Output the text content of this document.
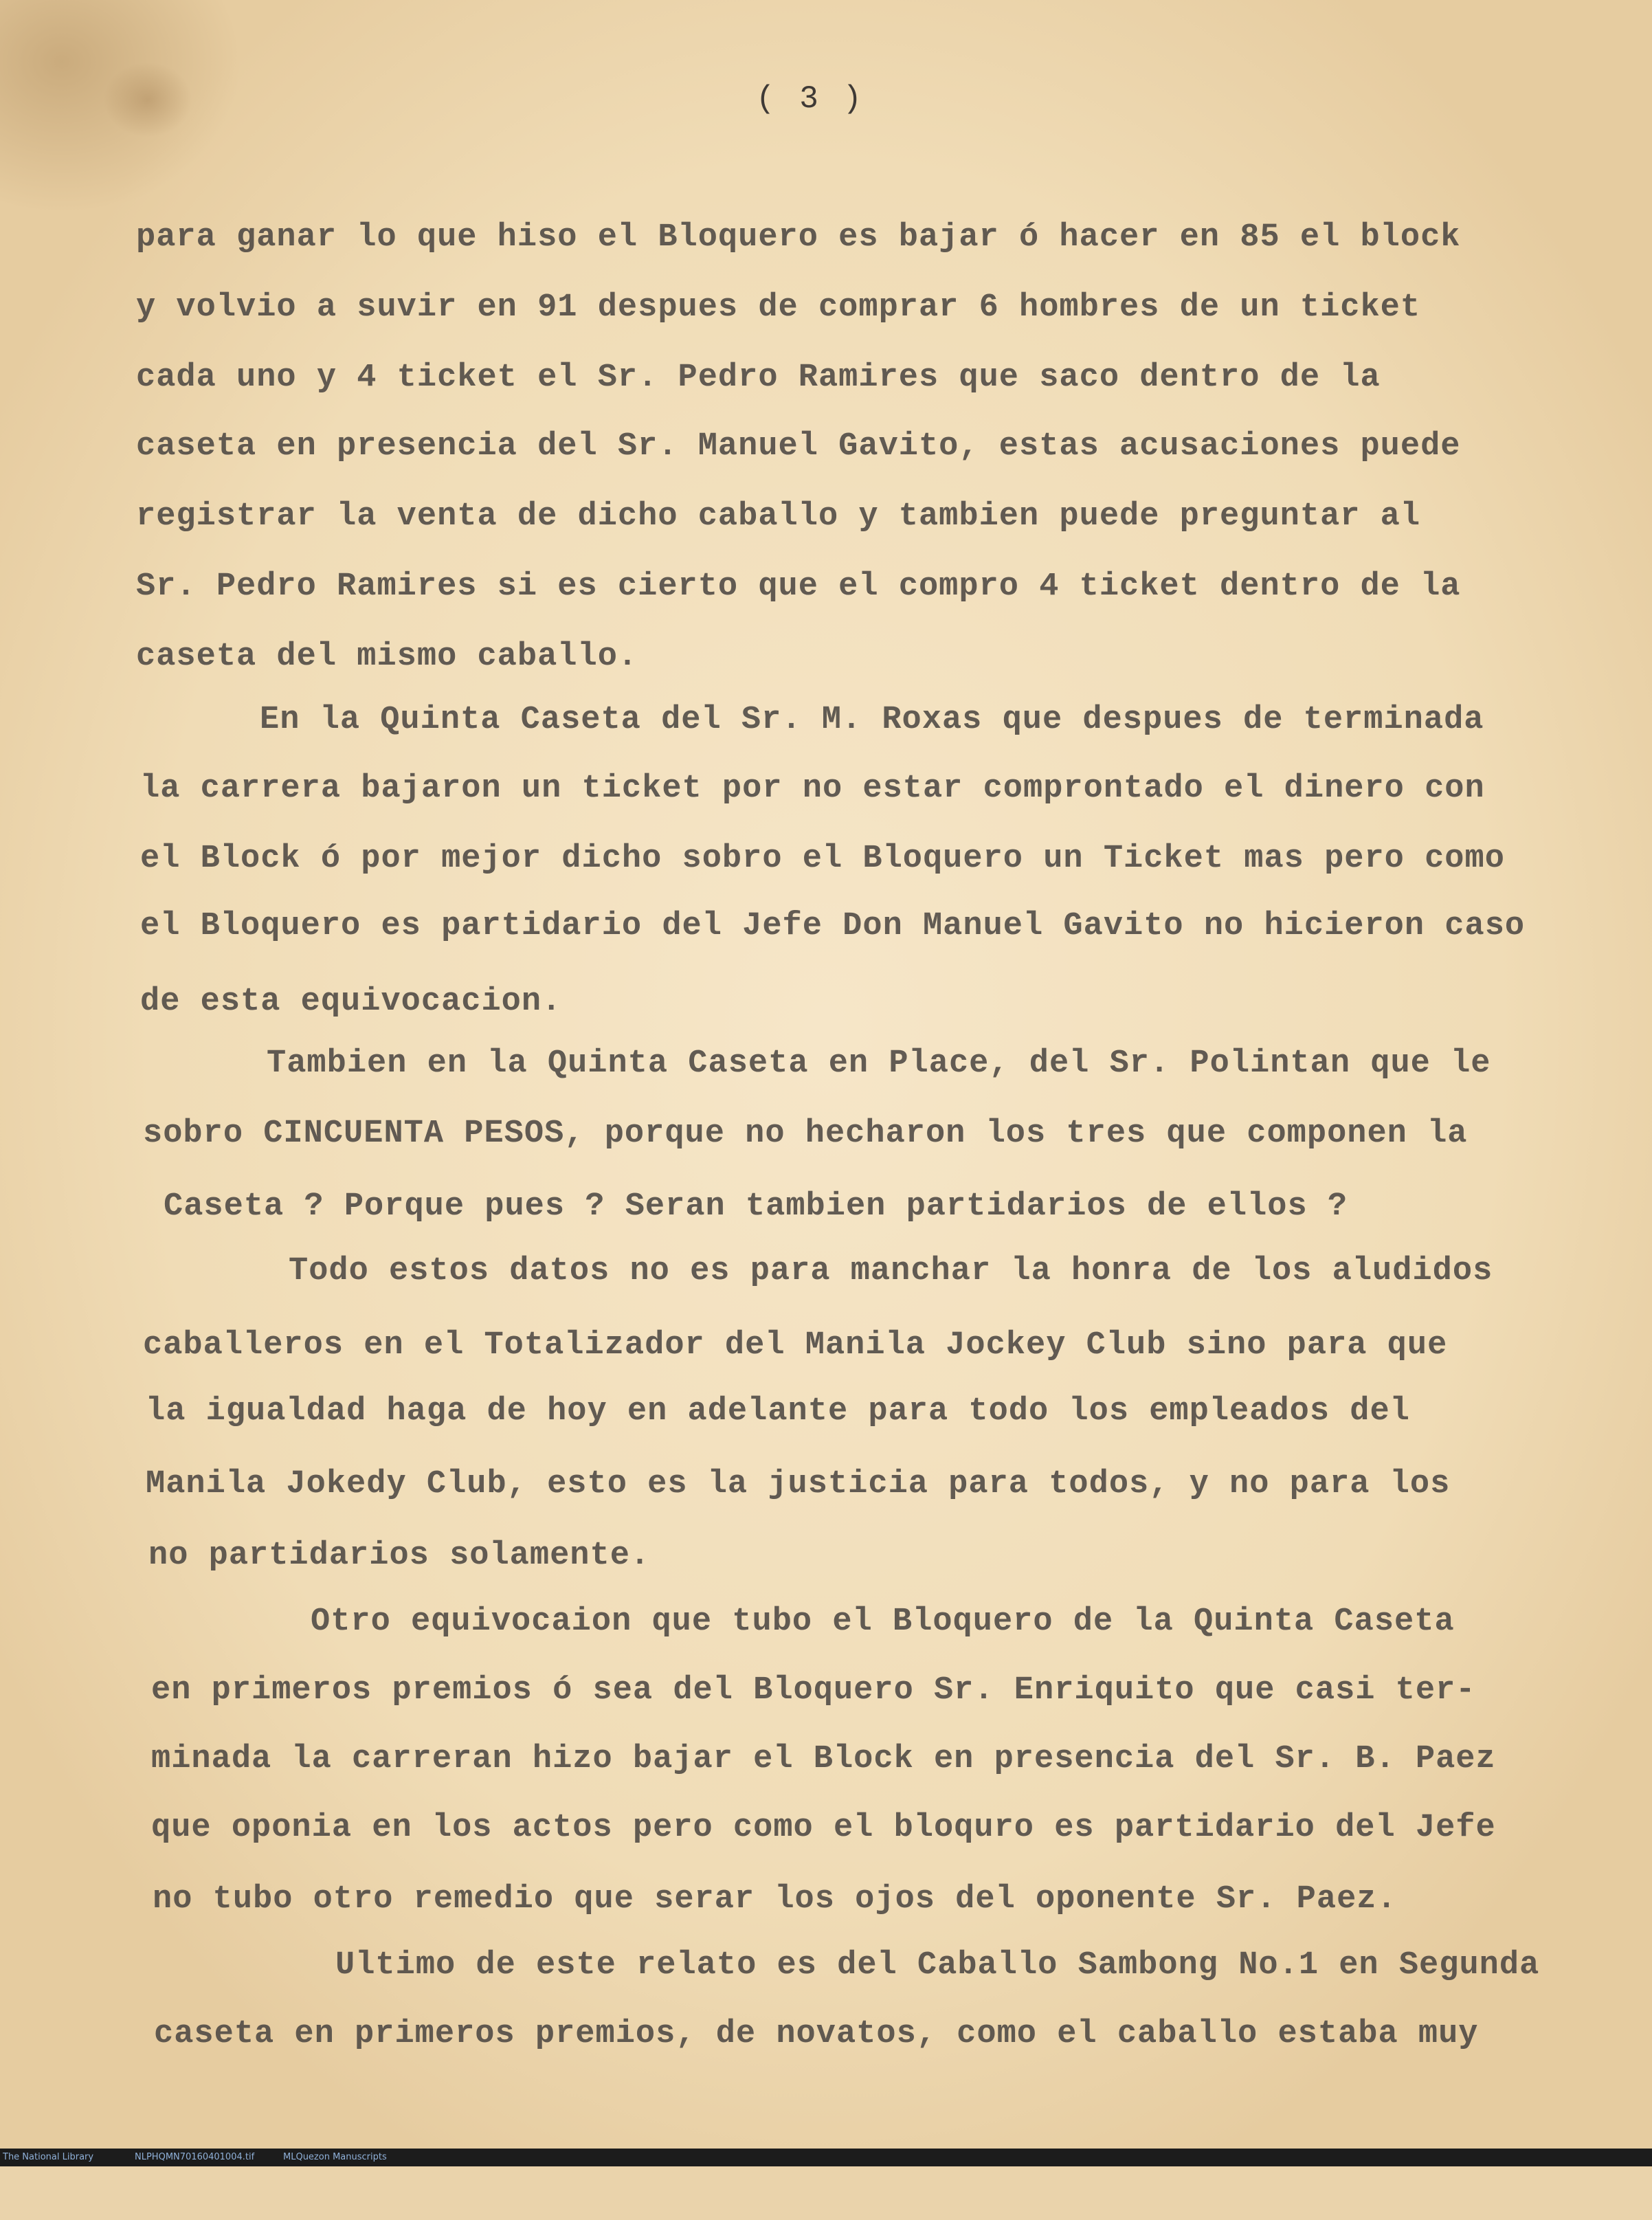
( 3 )
para ganar lo que hiso el Bloquero es bajar ó hacer en 85 el block
y volvio a suvir en 91 despues de comprar 6 hombres de un ticket
cada uno y 4 ticket el Sr. Pedro Ramires que saco dentro de la
caseta en presencia del Sr. Manuel Gavito, estas acusaciones puede
registrar la venta de dicho caballo y tambien puede preguntar al
Sr. Pedro Ramires si es cierto que el compro 4 ticket dentro de la
caseta del mismo caballo.
En la Quinta Caseta del Sr. M. Roxas que despues de terminada
la carrera bajaron un ticket por no estar comprontado el dinero con
el Block ó por mejor dicho sobro el Bloquero un Ticket mas pero como
el Bloquero es partidario del Jefe Don Manuel Gavito no hicieron caso
de esta equivocacion.
Tambien en la Quinta Caseta en Place, del Sr. Polintan que le
sobro CINCUENTA PESOS, porque no hecharon los tres que componen la
Caseta ? Porque pues ? Seran tambien partidarios de ellos ?
Todo estos datos no es para manchar la honra de los aludidos
caballeros en el Totalizador del Manila Jockey Club sino para que
la igualdad haga de hoy en adelante para todo los empleados del
Manila Jokedy Club, esto es la justicia para todos, y no para los
no partidarios solamente.
Otro equivocaion que tubo el Bloquero de la Quinta Caseta
en primeros premios ó sea del Bloquero Sr. Enriquito que casi ter-
minada la carreran hizo bajar el Block en presencia del Sr. B. Paez
que oponia en los actos pero como el bloquro es partidario del Jefe
no tubo otro remedio que serar los ojos del oponente Sr. Paez.
Ultimo de este relato es del Caballo Sambong No.1 en Segunda
caseta en primeros premios, de novatos, como el caballo estaba muy

The National Library

	NLPHQMN7016040100​4.tif

	MLQuezon Manuscripts
